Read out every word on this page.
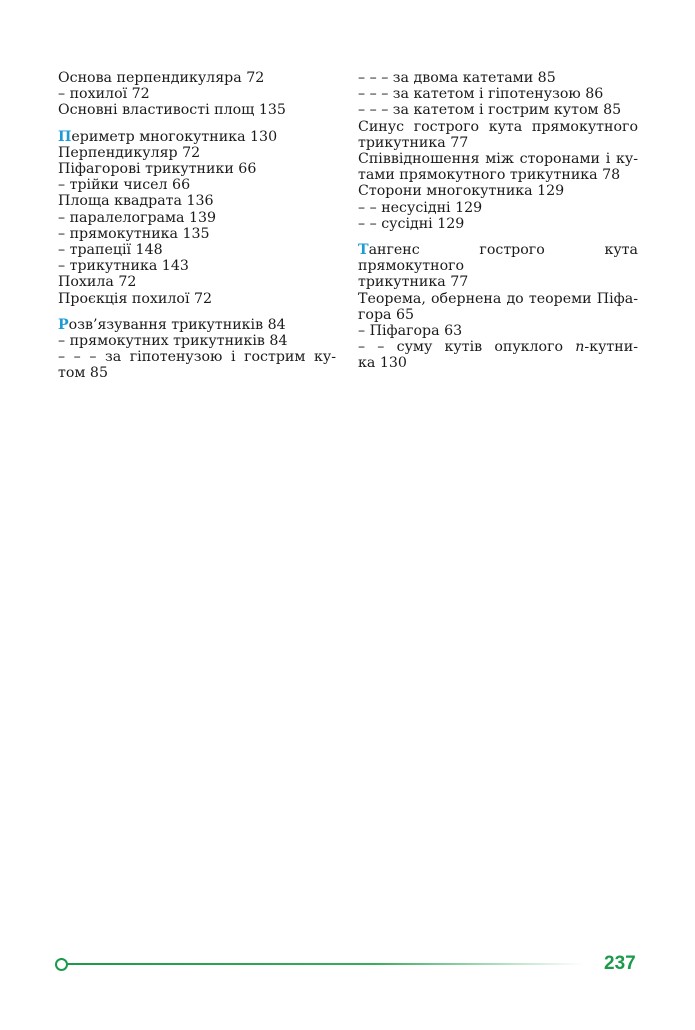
Основа перпендикуляра 72
– похилої 72
Основні властивості площ 135
Периметр многокутника 130
Перпендикуляр 72
Піфагорові трикутники 66
– трійки чисел 66
Площа квадрата 136
– паралелограма 139
– прямокутника 135
– трапеції 148
– трикутника 143
Похила 72
Проєкція похилої 72
Розв’язування трикутників 84
– прямокутних трикутників 84
– – – за гіпотенузою і гострим ку-
том 85
– – – за двома катетами 85
– – – за катетом і гіпотенузою 86
– – – за катетом і гострим кутом 85
Синус гострого кута прямокутного
трикутника 77
Співвідношення між сторонами і ку-
тами прямокутного трикутника 78
Сторони многокутника 129
– – несусідні 129
– – сусідні 129
Тангенс гострого кута прямокутного
трикутника 77
Теорема, обернена до теореми Піфа-
гора 65
– Піфагора 63
– – суму кутів опуклого n-кутни-
ка 130
237
